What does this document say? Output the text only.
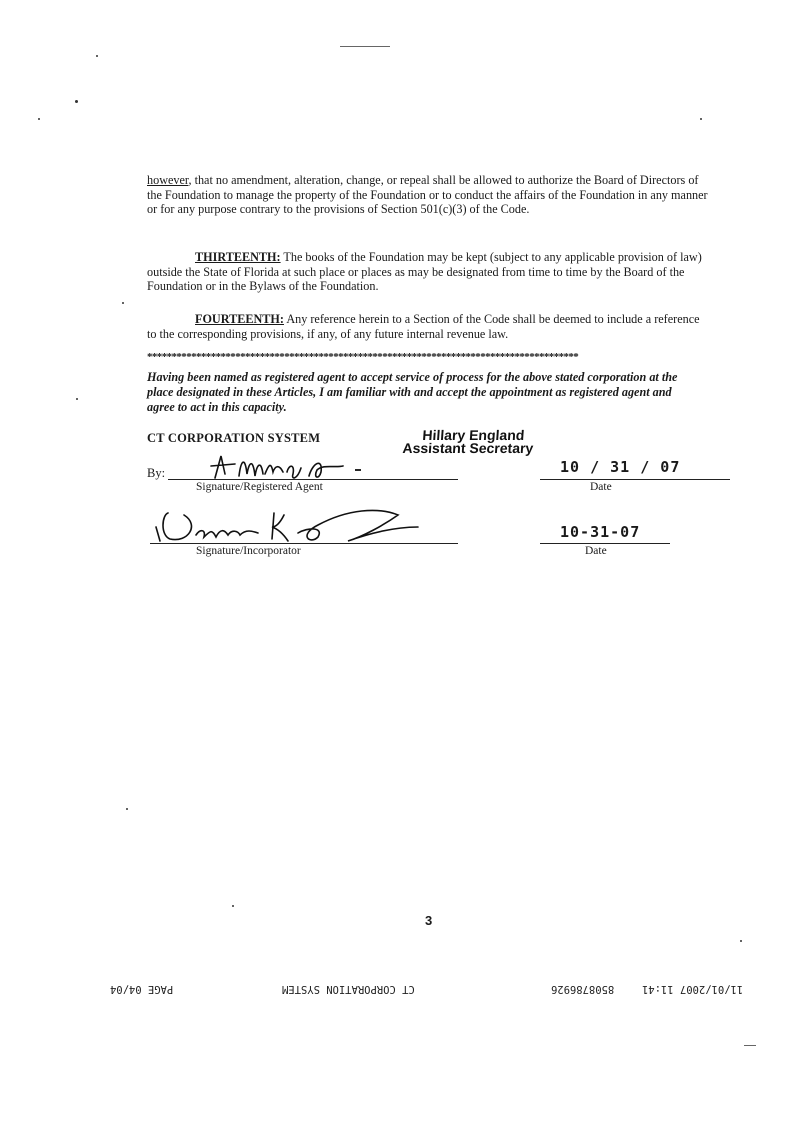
however, that no amendment, alteration, change, or repeal shall be allowed to authorize the Board of Directors of the Foundation to manage the property of the Foundation or to conduct the affairs of the Foundation in any manner or for any purpose contrary to the provisions of Section 501(c)(3) of the Code.
THIRTEENTH: The books of the Foundation may be kept (subject to any applicable provision of law) outside the State of Florida at such place or places as may be designated from time to time by the Board of the Foundation or in the Bylaws of the Foundation.
FOURTEENTH: Any reference herein to a Section of the Code shall be deemed to include a reference to the corresponding provisions, if any, of any future internal revenue law.
****************************************************************************************
Having been named as registered agent to accept service of process for the above stated corporation at the place designated in these Articles, I am familiar with and accept the appointment as registered agent and agree to act in this capacity.
CT CORPORATION SYSTEM	Hillary England
Assistant Secretary
By:
Signature/Registered Agent
10 / 31 / 07
Date
Signature/Incorporator
10-31-07
Date
3
PAGE 04/04	CT CORPORATION SYSTEM	8508786926	11/01/2007 11:41
